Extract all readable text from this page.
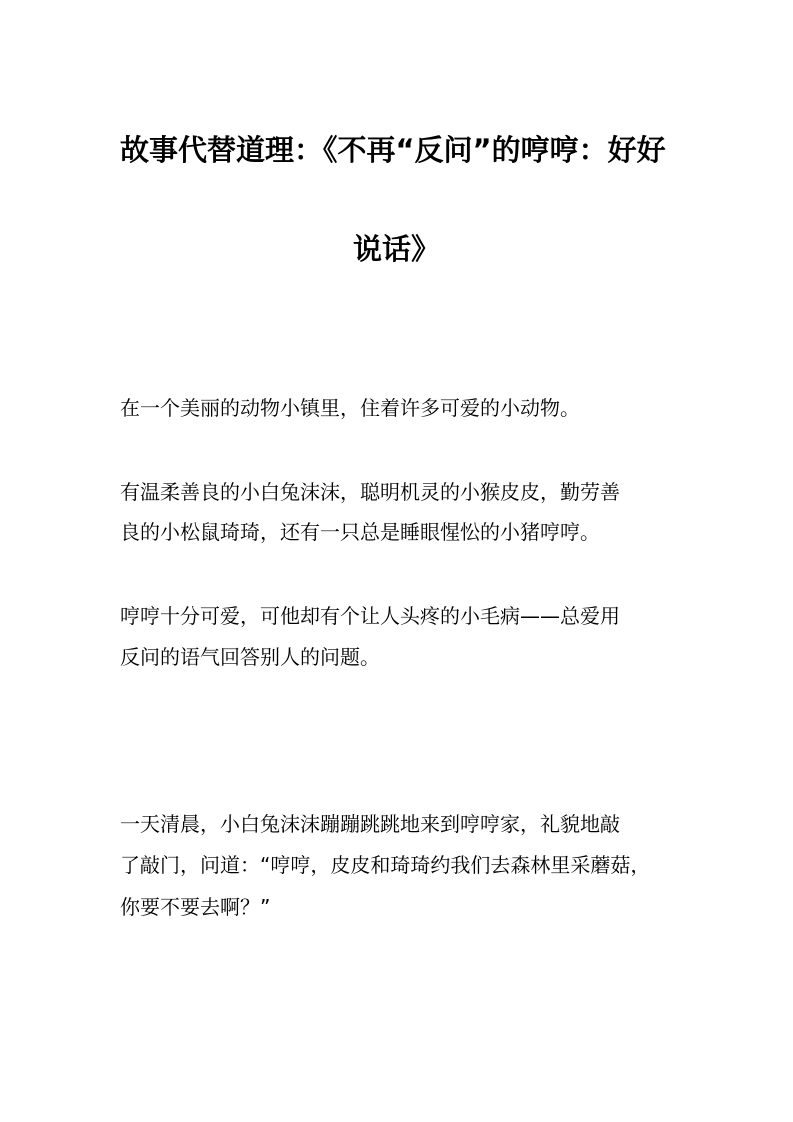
故事代替道理：《不再“反问”的哼哼：好好
说话》
在一个美丽的动物小镇里，住着许多可爱的小动物。
有温柔善良的小白兔沫沫，聪明机灵的小猴皮皮，勤劳善
良的小松鼠琦琦，还有一只总是睡眼惺忪的小猪哼哼。
哼哼十分可爱，可他却有个让人头疼的小毛病——总爱用
反问的语气回答别人的问题。
一天清晨，小白兔沫沫蹦蹦跳跳地来到哼哼家，礼貌地敲
了敲门，问道：“哼哼，皮皮和琦琦约我们去森林里采蘑菇，
你要不要去啊？”
